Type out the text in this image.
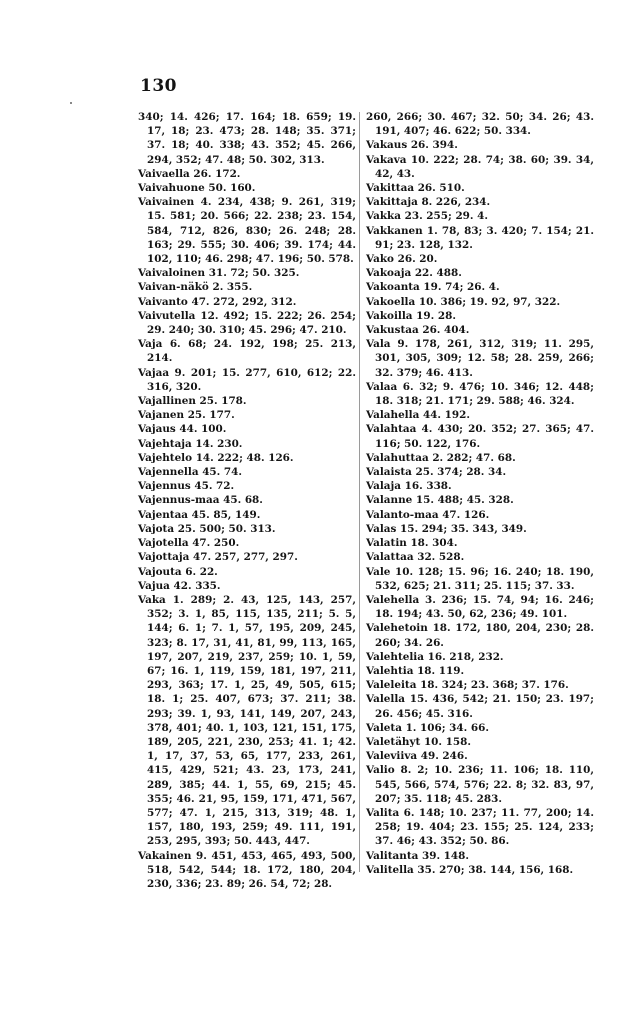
130
340; 14. 426; 17. 164; 18. 659; 19. 17, 18; 23. 473; 28. 148; 35. 371; 37. 18; 40. 338; 43. 352; 45. 266, 294, 352; 47. 48; 50. 302, 313.
Vaivaella 26. 172.
Vaivahuone 50. 160.
Vaivainen 4. 234, 438; 9. 261, 319; 15. 581; 20. 566; 22. 238; 23. 154, 584, 712, 826, 830; 26. 248; 28. 163; 29. 555; 30. 406; 39. 174; 44. 102, 110; 46. 298; 47. 196; 50. 578.
Vaivaloinen 31. 72; 50. 325.
Vaivan-näkö 2. 355.
Vaivanto 47. 272, 292, 312.
Vaivutella 12. 492; 15. 222; 26. 254; 29. 240; 30. 310; 45. 296; 47. 210.
Vaja 6. 68; 24. 192, 198; 25. 213, 214.
Vajaa 9. 201; 15. 277, 610, 612; 22. 316, 320.
Vajallinen 25. 178.
Vajanen 25. 177.
Vajaus 44. 100.
Vajehtaja 14. 230.
Vajehtelo 14. 222; 48. 126.
Vajennella 45. 74.
Vajennus 45. 72.
Vajennus-maa 45. 68.
Vajentaa 45. 85, 149.
Vajota 25. 500; 50. 313.
Vajotella 47. 250.
Vajottaja 47. 257, 277, 297.
Vajouta 6. 22.
Vajua 42. 335.
Vaka 1. 289; 2. 43, 125, 143, 257, 352; 3. 1, 85, 115, 135, 211; 5. 5, 144; 6. 1; 7. 1, 57, 195, 209, 245, 323; 8. 17, 31, 41, 81, 99, 113, 165, 197, 207, 219, 237, 259; 10. 1, 59, 67; 16. 1, 119, 159, 181, 197, 211, 293, 363; 17. 1, 25, 49, 505, 615; 18. 1; 25. 407, 673; 37. 211; 38. 293; 39. 1, 93, 141, 149, 207, 243, 378, 401; 40. 1, 103, 121, 151, 175, 189, 205, 221, 230, 253; 41. 1; 42. 1, 17, 37, 53, 65, 177, 233, 261, 415, 429, 521; 43. 23, 173, 241, 289, 385; 44. 1, 55, 69, 215; 45. 355; 46. 21, 95, 159, 171, 471, 567, 577; 47. 1, 215, 313, 319; 48. 1, 157, 180, 193, 259; 49. 111, 191, 253, 295, 393; 50. 443, 447.
Vakainen 9. 451, 453, 465, 493, 500, 518, 542, 544; 18. 172, 180, 204, 230, 336; 23. 89; 26. 54, 72; 28.
260, 266; 30. 467; 32. 50; 34. 26; 43. 191, 407; 46. 622; 50. 334.
Vakaus 26. 394.
Vakava 10. 222; 28. 74; 38. 60; 39. 34, 42, 43.
Vakittaa 26. 510.
Vakittaja 8. 226, 234.
Vakka 23. 255; 29. 4.
Vakkanen 1. 78, 83; 3. 420; 7. 154; 21. 91; 23. 128, 132.
Vako 26. 20.
Vakoaja 22. 488.
Vakoanta 19. 74; 26. 4.
Vakoella 10. 386; 19. 92, 97, 322.
Vakoilla 19. 28.
Vakustaa 26. 404.
Vala 9. 178, 261, 312, 319; 11. 295, 301, 305, 309; 12. 58; 28. 259, 266; 32. 379; 46. 413.
Valaa 6. 32; 9. 476; 10. 346; 12. 448; 18. 318; 21. 171; 29. 588; 46. 324.
Valahella 44. 192.
Valahtaa 4. 430; 20. 352; 27. 365; 47. 116; 50. 122, 176.
Valahuttaa 2. 282; 47. 68.
Valaista 25. 374; 28. 34.
Valaja 16. 338.
Valanne 15. 488; 45. 328.
Valanto-maa 47. 126.
Valas 15. 294; 35. 343, 349.
Valatin 18. 304.
Valattaa 32. 528.
Vale 10. 128; 15. 96; 16. 240; 18. 190, 532, 625; 21. 311; 25. 115; 37. 33.
Valehella 3. 236; 15. 74, 94; 16. 246; 18. 194; 43. 50, 62, 236; 49. 101.
Valehetoin 18. 172, 180, 204, 230; 28. 260; 34. 26.
Valehtelia 16. 218, 232.
Valehtia 18. 119.
Valeleita 18. 324; 23. 368; 37. 176.
Valella 15. 436, 542; 21. 150; 23. 197; 26. 456; 45. 316.
Valeta 1. 106; 34. 66.
Valetähyt 10. 158.
Valeviiva 49. 246.
Valio 8. 2; 10. 236; 11. 106; 18. 110, 545, 566, 574, 576; 22. 8; 32. 83, 97, 207; 35. 118; 45. 283.
Valita 6. 148; 10. 237; 11. 77, 200; 14. 258; 19. 404; 23. 155; 25. 124, 233; 37. 46; 43. 352; 50. 86.
Valitanta 39. 148.
Valitella 35. 270; 38. 144, 156, 168.
